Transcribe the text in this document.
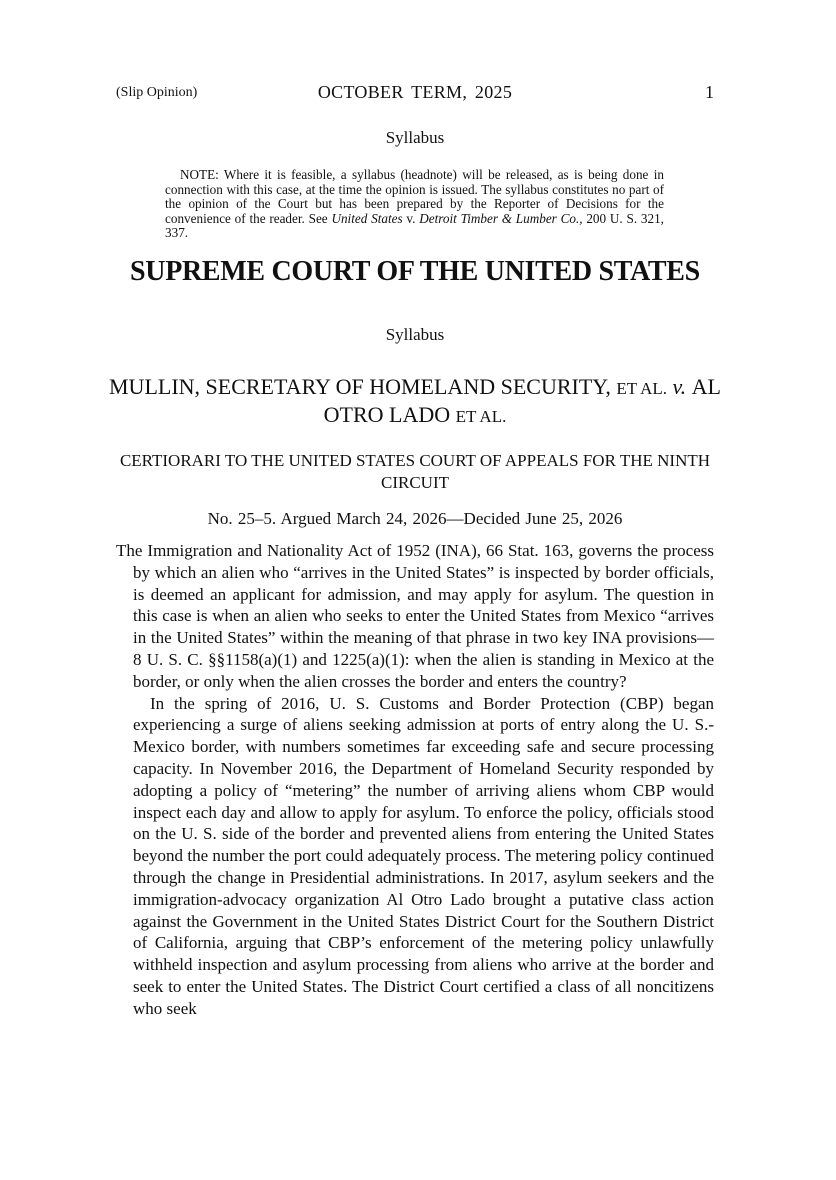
(Slip Opinion)	OCTOBER TERM, 2025	1
Syllabus

NOTE: Where it is feasible, a syllabus (headnote) will be released, as is being done in connection with this case, at the time the opinion is issued. The syllabus constitutes no part of the opinion of the Court but has been prepared by the Reporter of Decisions for the convenience of the reader. See United States v. Detroit Timber & Lumber Co., 200 U. S. 321, 337.

SUPREME COURT OF THE UNITED STATES
Syllabus
MULLIN, SECRETARY OF HOMELAND SECURITY, ET AL. v. AL OTRO LADO ET AL.
CERTIORARI TO THE UNITED STATES COURT OF APPEALS FOR THE NINTH CIRCUIT
No. 25–5. Argued March 24, 2026—Decided June 25, 2026

The Immigration and Nationality Act of 1952 (INA), 66 Stat. 163, governs the process by which an alien who “arrives in the United States” is inspected by border officials, is deemed an applicant for admission, and may apply for asylum. The question in this case is when an alien who seeks to enter the United States from Mexico “arrives in the United States” within the meaning of that phrase in two key INA provisions—8 U. S. C. §§1158(a)(1) and 1225(a)(1): when the alien is standing in Mexico at the border, or only when the alien crosses the border and enters the country?

In the spring of 2016, U. S. Customs and Border Protection (CBP) began experiencing a surge of aliens seeking admission at ports of entry along the U. S.-Mexico border, with numbers sometimes far exceeding safe and secure processing capacity. In November 2016, the Department of Homeland Security responded by adopting a policy of “metering” the number of arriving aliens whom CBP would inspect each day and allow to apply for asylum. To enforce the policy, officials stood on the U. S. side of the border and prevented aliens from entering the United States beyond the number the port could adequately process. The metering policy continued through the change in Presidential administrations. In 2017, asylum seekers and the immigration-advocacy organization Al Otro Lado brought a putative class action against the Government in the United States District Court for the Southern District of California, arguing that CBP’s enforcement of the metering policy unlawfully withheld inspection and asylum processing from aliens who arrive at the border and seek to enter the United States. The District Court certified a class of all noncitizens who seek
